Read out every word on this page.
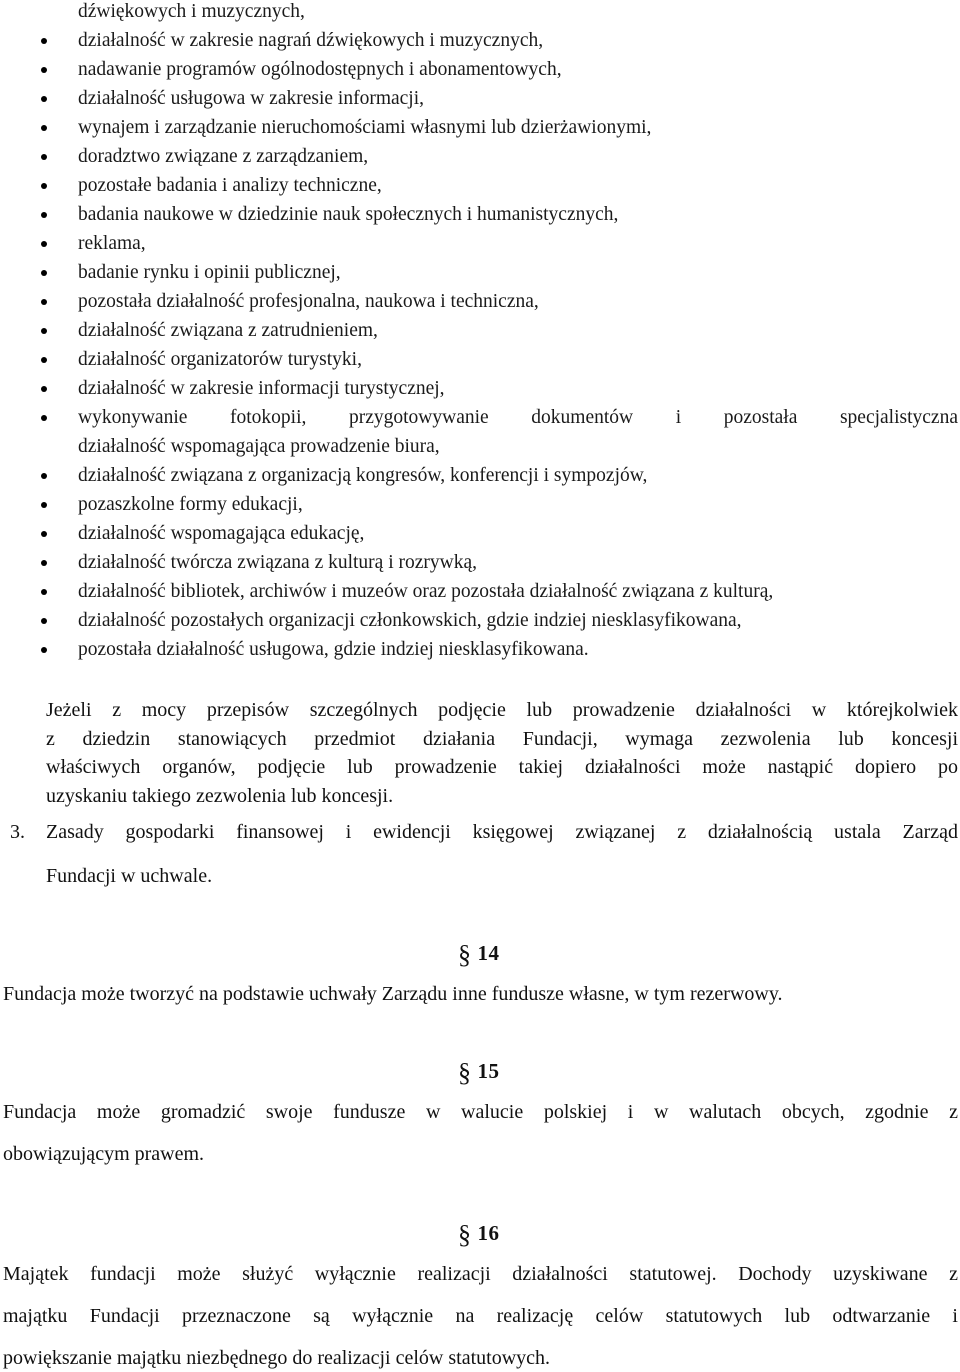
dźwiękowych i muzycznych,
działalność w zakresie nagrań dźwiękowych i muzycznych,
nadawanie programów ogólnodostępnych i abonamentowych,
działalność usługowa w zakresie informacji,
wynajem i zarządzanie nieruchomościami własnymi lub dzierżawionymi,
doradztwo związane z zarządzaniem,
pozostałe badania i analizy techniczne,
badania naukowe w dziedzinie nauk społecznych i humanistycznych,
reklama,
badanie rynku i opinii publicznej,
pozostała działalność profesjonalna, naukowa i techniczna,
działalność związana z zatrudnieniem,
działalność organizatorów turystyki,
działalność w zakresie informacji turystycznej,
wykonywanie fotokopii, przygotowywanie dokumentów i pozostała specjalistyczna
działalność wspomagająca prowadzenie biura,
działalność związana z organizacją kongresów, konferencji i sympozjów,
pozaszkolne formy edukacji,
działalność wspomagająca edukację,
działalność twórcza związana z kulturą i rozrywką,
działalność bibliotek, archiwów i muzeów oraz pozostała działalność związana z kulturą,
działalność pozostałych organizacji członkowskich, gdzie indziej niesklasyfikowana,
pozostała działalność usługowa, gdzie indziej niesklasyfikowana.
Jeżeli z mocy przepisów szczególnych podjęcie lub prowadzenie działalności w którejkolwiek
z dziedzin stanowiących przedmiot działania Fundacji, wymaga zezwolenia lub koncesji
właściwych organów, podjęcie lub prowadzenie takiej działalności może nastąpić dopiero po
uzyskaniu takiego zezwolenia lub koncesji.
3. Zasady gospodarki finansowej i ewidencji księgowej związanej z działalnością ustala Zarząd
Fundacji w uchwale.
§ 14
Fundacja może tworzyć na podstawie uchwały Zarządu inne fundusze własne, w tym rezerwowy.
§ 15
Fundacja może gromadzić swoje fundusze w walucie polskiej i w walutach obcych, zgodnie z
obowiązującym prawem.
§ 16
Majątek fundacji może służyć wyłącznie realizacji działalności statutowej. Dochody uzyskiwane z
majątku Fundacji przeznaczone są wyłącznie na realizację celów statutowych lub odtwarzanie i
powiększanie majątku niezbędnego do realizacji celów statutowych.
